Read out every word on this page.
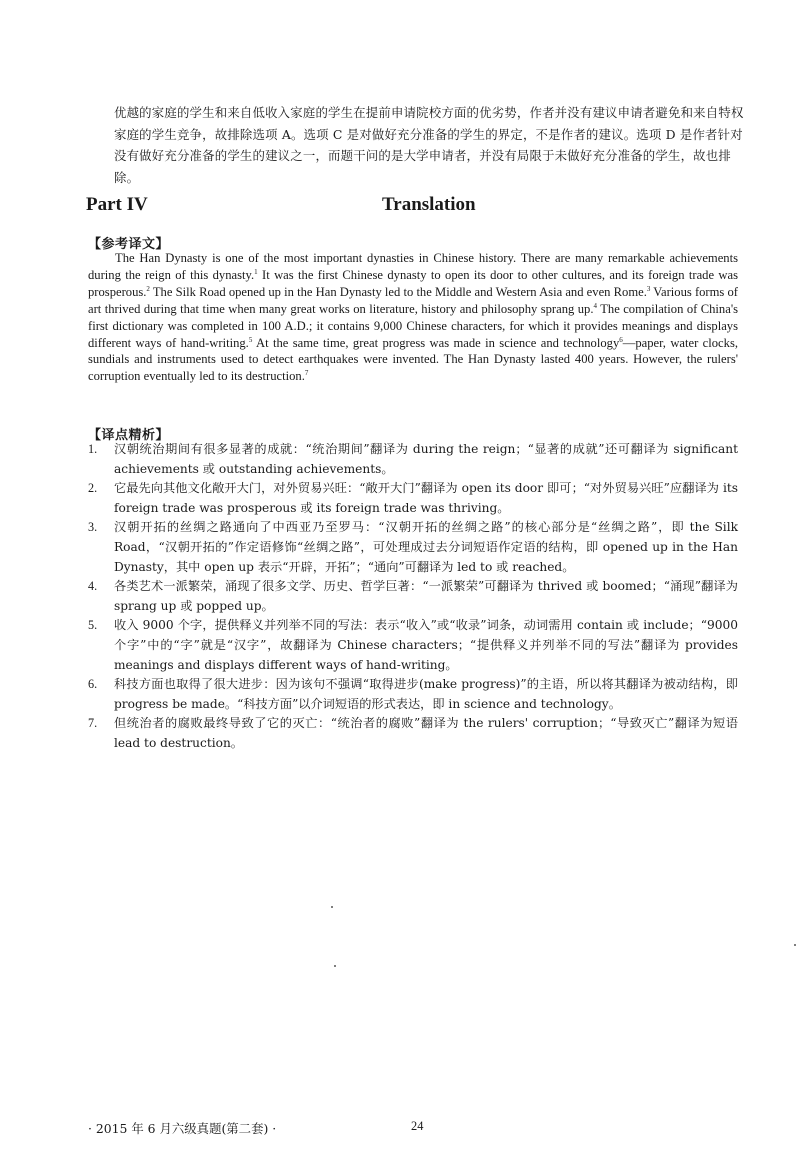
优越的家庭的学生和来自低收入家庭的学生在提前申请院校方面的优劣势，作者并没有建议申请者避免和来自特权家庭的学生竞争，故排除选项 A。选项 C 是对做好充分准备的学生的界定，不是作者的建议。选项 D 是作者针对没有做好充分准备的学生的建议之一，而题干问的是大学申请者，并没有局限于未做好充分准备的学生，故也排除。
Part IV	Translation
【参考译文】
The Han Dynasty is one of the most important dynasties in Chinese history. There are many remarkable achievements during the reign of this dynasty.$^1$ It was the first Chinese dynasty to open its door to other cultures, and its foreign trade was prosperous.$^2$ The Silk Road opened up in the Han Dynasty led to the Middle and Western Asia and even Rome.$^3$ Various forms of art thrived during that time when many great works on literature, history and philosophy sprang up.$^4$ The compilation of China's first dictionary was completed in 100 A.D.; it contains 9,000 Chinese characters, for which it provides meanings and displays different ways of hand-writing.$^5$ At the same time, great progress was made in science and technology$^6$—paper, water clocks, sundials and instruments used to detect earthquakes were invented. The Han Dynasty lasted 400 years. However, the rulers' corruption eventually led to its destruction.$^7$
【译点精析】
1. 汉朝统治期间有很多显著的成就：“统治期间”翻译为 during the reign；“显著的成就”还可翻译为 significant achievements 或 outstanding achievements。
2. 它最先向其他文化敞开大门，对外贸易兴旺：“敞开大门”翻译为 open its door 即可；“对外贸易兴旺”应翻译为 its foreign trade was prosperous 或 its foreign trade was thriving。
3. 汉朝开拓的丝绸之路通向了中西亚乃至罗马：“汉朝开拓的丝绸之路”的核心部分是“丝绸之路”，即 the Silk Road，“汉朝开拓的”作定语修饰“丝绸之路”，可处理成过去分词短语作定语的结构，即 opened up in the Han Dynasty，其中 open up 表示“开辟，开拓”；“通向”可翻译为 led to 或 reached。
4. 各类艺术一派繁荣，涌现了很多文学、历史、哲学巨著：“一派繁荣”可翻译为 thrived 或 boomed；“涌现”翻译为 sprang up 或 popped up。
5. 收入 9000 个字，提供释义并列举不同的写法：表示“收入”或“收录”词条，动词需用 contain 或 include；“9000 个字”中的“字”就是“汉字”，故翻译为 Chinese characters；“提供释义并列举不同的写法”翻译为 provides meanings and displays different ways of hand-writing。
6. 科技方面也取得了很大进步：因为该句不强调“取得进步(make progress)”的主语，所以将其翻译为被动结构，即 progress be made。“科技方面”以介词短语的形式表达，即 in science and technology。
7. 但统治者的腐败最终导致了它的灭亡：“统治者的腐败”翻译为 the rulers' corruption；“导致灭亡”翻译为短语 lead to destruction。
· 2015 年 6 月六级真题(第二套) ·	24
